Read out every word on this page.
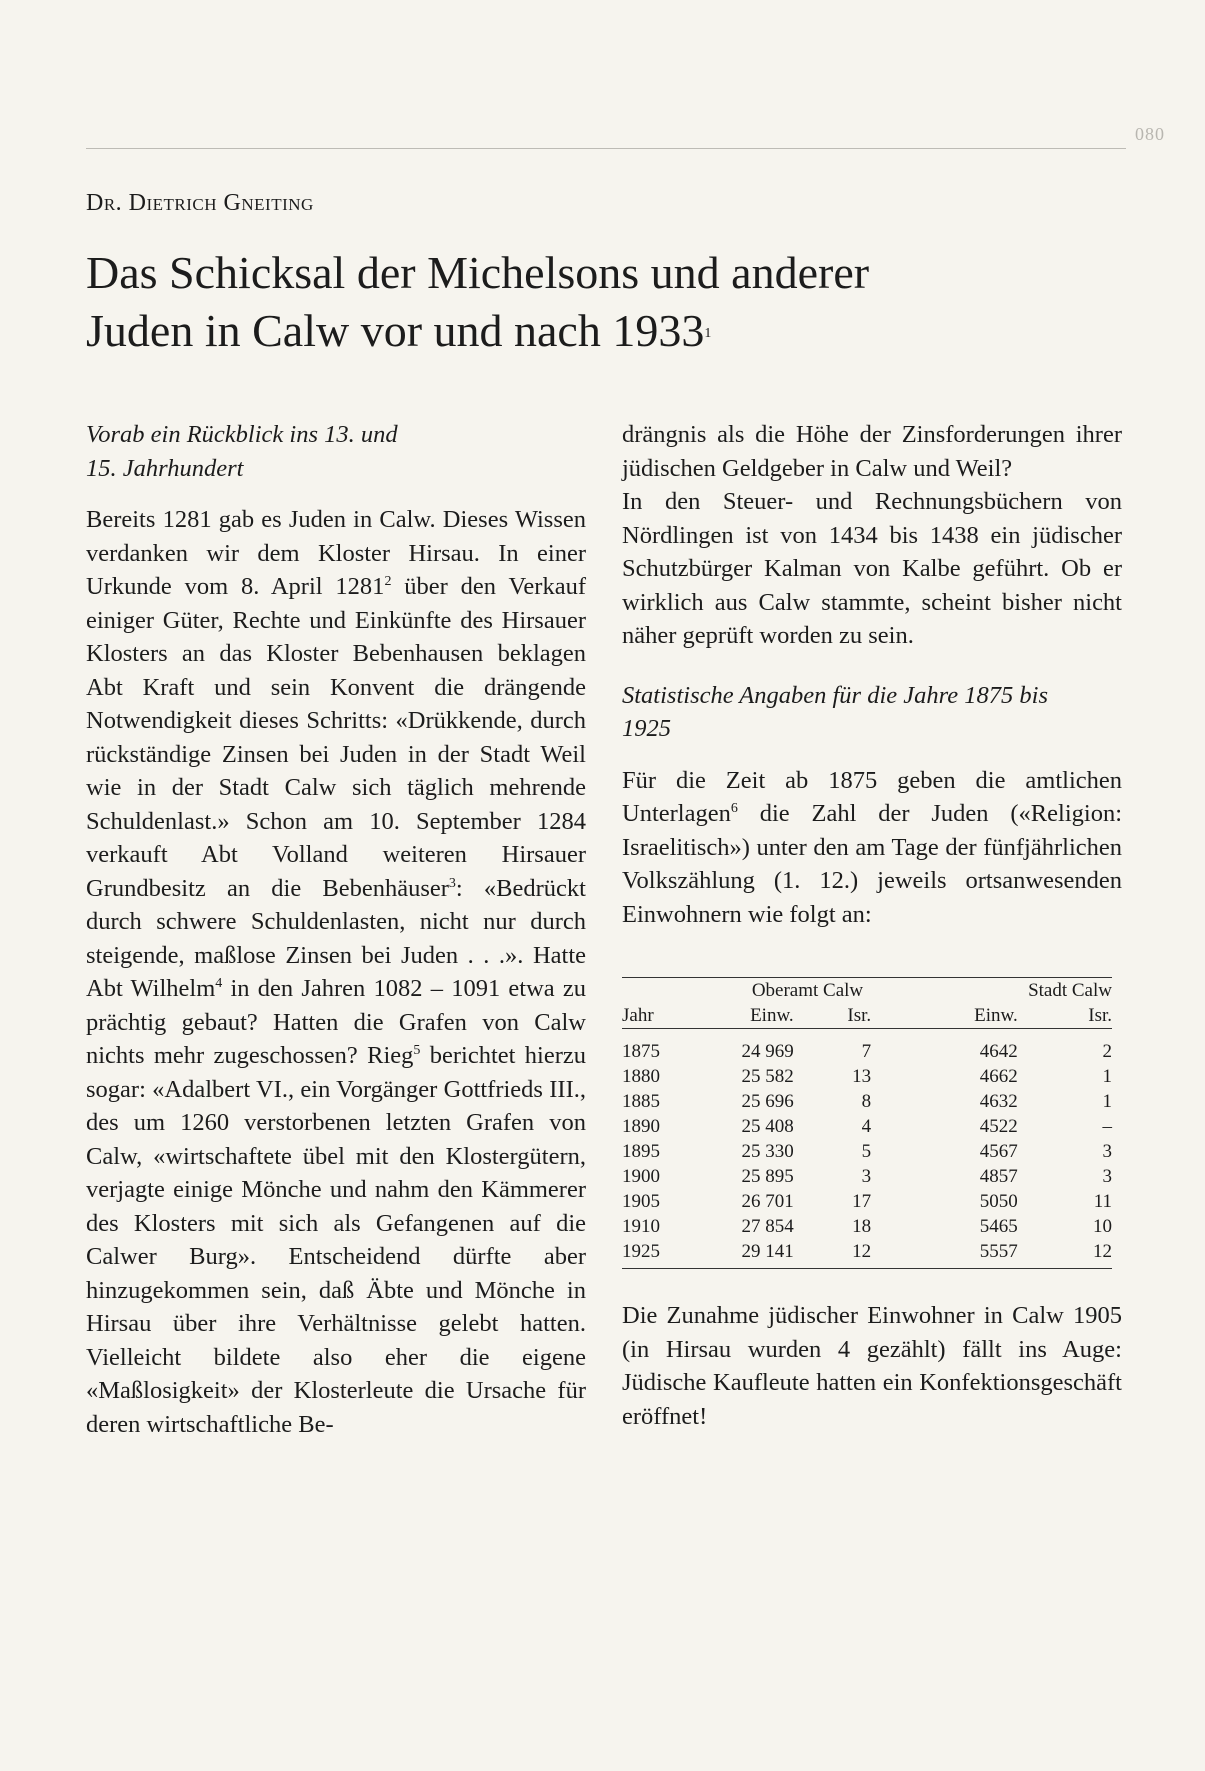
080
Dr. Dietrich Gneiting
Das Schicksal der Michelsons und anderer
Juden in Calw vor und nach 1933$^1$

Vorab ein Rückblick ins 13. und
15. Jahrhundert

Bereits 1281 gab es Juden in Calw. Dieses Wissen verdanken wir dem Kloster Hirsau. In einer Urkunde vom 8. April 1281$^2$ über den Verkauf einiger Güter, Rechte und Einkünfte des Hirsauer Klosters an das Kloster Bebenhausen beklagen Abt Kraft und sein Konvent die drängende Notwendigkeit dieses Schritts: «Drükkende, durch rückständige Zinsen bei Juden in der Stadt Weil wie in der Stadt Calw sich täglich mehrende Schuldenlast.» Schon am 10. September 1284 verkauft Abt Volland weiteren Hirsauer Grundbesitz an die Bebenhäuser$^3$: «Bedrückt durch schwere Schuldenlasten, nicht nur durch steigende, maßlose Zinsen bei Juden . . .». Hatte Abt Wilhelm$^4$ in den Jahren 1082 – 1091 etwa zu prächtig gebaut? Hatten die Grafen von Calw nichts mehr zugeschossen? Rieg$^5$ berichtet hierzu sogar: «Adalbert VI., ein Vorgänger Gottfrieds III., des um 1260 verstorbenen letzten Grafen von Calw, «wirtschaftete übel mit den Klostergütern, verjagte einige Mönche und nahm den Kämmerer des Klosters mit sich als Gefangenen auf die Calwer Burg». Entscheidend dürfte aber hinzugekommen sein, daß Äbte und Mönche in Hirsau über ihre Verhältnisse gelebt hatten. Vielleicht bildete also eher die eigene «Maßlosigkeit» der Klosterleute die Ursache für deren wirtschaftliche Be-

drängnis als die Höhe der Zinsforderungen ihrer jüdischen Geldgeber in Calw und Weil?

In den Steuer- und Rechnungsbüchern von Nördlingen ist von 1434 bis 1438 ein jüdischer Schutzbürger Kalman von Kalbe geführt. Ob er wirklich aus Calw stammte, scheint bisher nicht näher geprüft worden zu sein.

Statistische Angaben für die Jahre 1875 bis
1925

Für die Zeit ab 1875 geben die amtlichen Unterlagen$^6$ die Zahl der Juden («Religion: Israelitisch») unter den am Tage der fünfjährlichen Volkszählung (1. 12.) jeweils ortsanwesenden Einwohnern wie folgt an:

	Oberamt Calw		Stadt Calw	
Jahr	Einw.	Isr.	Einw.	Isr.
1875	24 969	7	4642	2
1880	25 582	13	4662	1
1885	25 696	8	4632	1
1890	25 408	4	4522	–
1895	25 330	5	4567	3
1900	25 895	3	4857	3
1905	26 701	17	5050	11
1910	27 854	18	5465	10
1925	29 141	12	5557	12

Die Zunahme jüdischer Einwohner in Calw 1905 (in Hirsau wurden 4 gezählt) fällt ins Auge: Jüdische Kaufleute hatten ein Konfektionsgeschäft eröffnet!
